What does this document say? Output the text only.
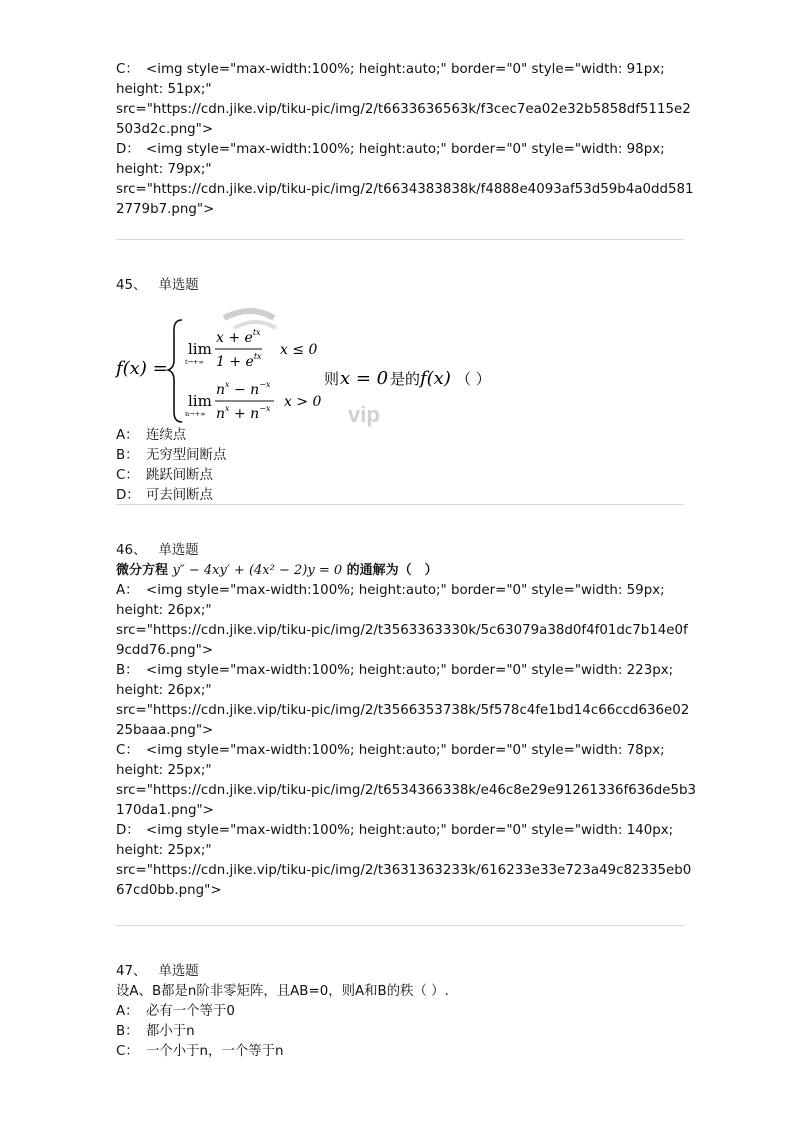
C： <img style="max-width:100%; height:auto;" border="0" style="width: 91px;
height: 51px;"
src="https://cdn.jike.vip/tiku-pic/img/2/t6633636563k/f3cec7ea02e32b5858df5115e2
503d2c.png">
D： <img style="max-width:100%; height:auto;" border="0" style="width: 98px;
height: 79px;"
src="https://cdn.jike.vip/tiku-pic/img/2/t6634383838k/f4888e4093af53d59b4a0dd581
2779b7.png">
45、 单选题
vip
f(x) =
lim
t→+∞
$x + e^{tx}$
$1 + e^{tx}$ x ≤ 0
lim
n→+∞
$n^x - n^{-x}$
$n^x + n^{-x}$ x > 0
则 x = 0 是的 f(x) （ ）
A： 连续点
B： 无穷型间断点
C： 跳跃间断点
D： 可去间断点
46、 单选题
微分方程 y″ − 4xy′ + (4x² − 2)y = 0 的通解为（　）
A： <img style="max-width:100%; height:auto;" border="0" style="width: 59px;
height: 26px;"
src="https://cdn.jike.vip/tiku-pic/img/2/t3563363330k/5c63079a38d0f4f01dc7b14e0f
9cdd76.png">
B： <img style="max-width:100%; height:auto;" border="0" style="width: 223px;
height: 26px;"
src="https://cdn.jike.vip/tiku-pic/img/2/t3566353738k/5f578c4fe1bd14c66ccd636e02
25baaa.png">
C： <img style="max-width:100%; height:auto;" border="0" style="width: 78px;
height: 25px;"
src="https://cdn.jike.vip/tiku-pic/img/2/t6534366338k/e46c8e29e91261336f636de5b3
170da1.png">
D： <img style="max-width:100%; height:auto;" border="0" style="width: 140px;
height: 25px;"
src="https://cdn.jike.vip/tiku-pic/img/2/t3631363233k/616233e33e723a49c82335eb0
67cd0bb.png">
47、 单选题
设A、B都是n阶非零矩阵，且AB=0，则A和B的秩（ ）.
A： 必有一个等于0
B： 都小于n
C： 一个小于n，一个等于n
